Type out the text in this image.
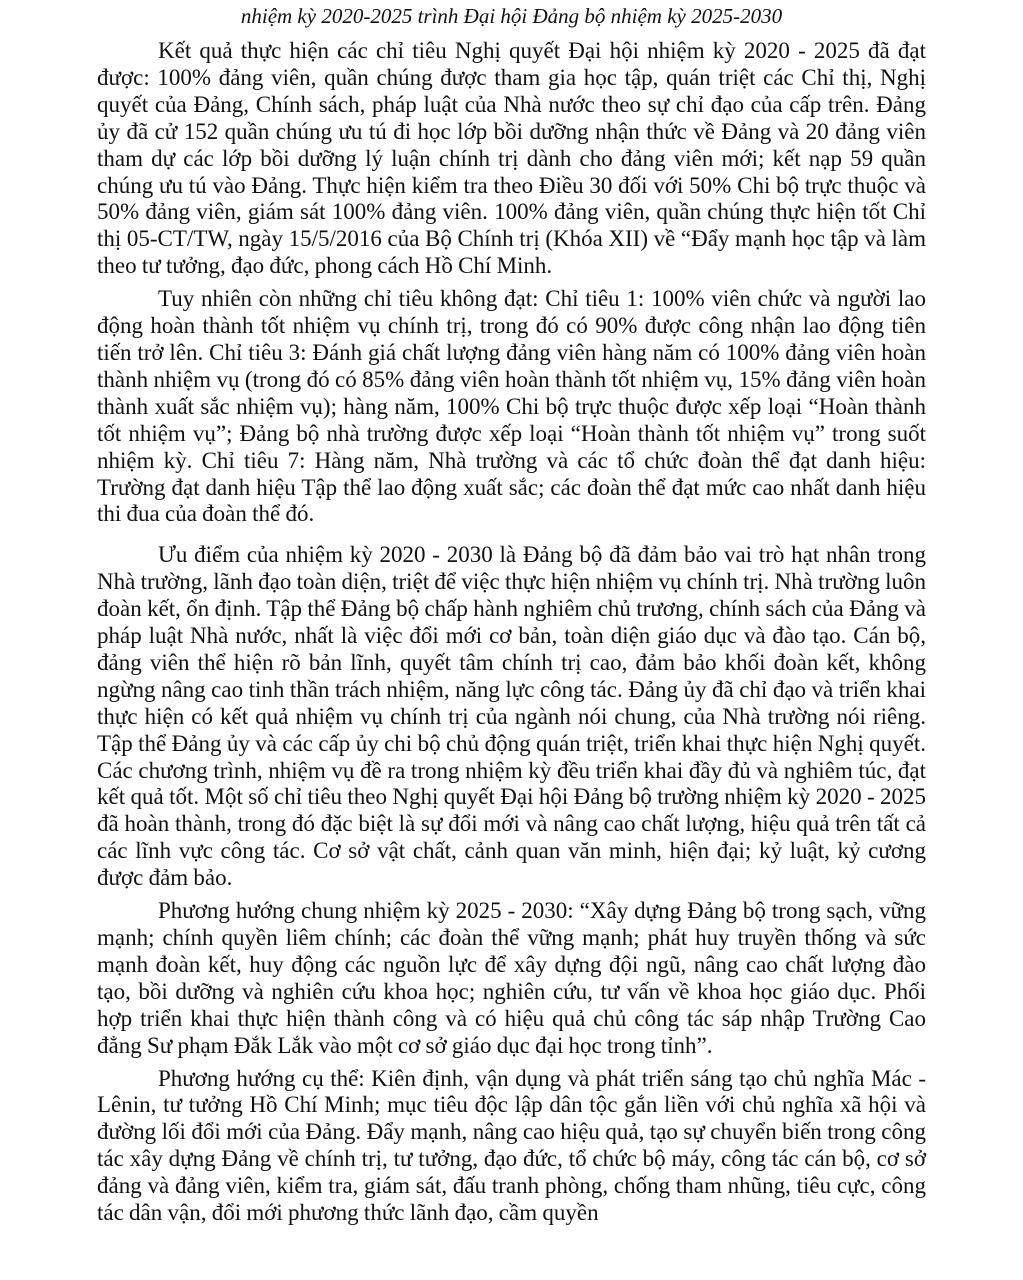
nhiệm kỳ 2020-2025 trình Đại hội Đảng bộ nhiệm kỳ 2025-2030

Kết quả thực hiện các chỉ tiêu Nghị quyết Đại hội nhiệm kỳ 2020 - 2025 đã đạt được: 100% đảng viên, quần chúng được tham gia học tập, quán triệt các Chỉ thị, Nghị quyết của Đảng, Chính sách, pháp luật của Nhà nước theo sự chỉ đạo của cấp trên. Đảng ủy đã cử 152 quần chúng ưu tú đi học lớp bồi dưỡng nhận thức về Đảng và 20 đảng viên tham dự các lớp bồi dưỡng lý luận chính trị dành cho đảng viên mới; kết nạp 59 quần chúng ưu tú vào Đảng. Thực hiện kiểm tra theo Điều 30 đối với 50% Chi bộ trực thuộc và 50% đảng viên, giám sát 100% đảng viên. 100% đảng viên, quần chúng thực hiện tốt Chỉ thị 05-CT/TW, ngày 15/5/2016 của Bộ Chính trị (Khóa XII) về “Đẩy mạnh học tập và làm theo tư tưởng, đạo đức, phong cách Hồ Chí Minh.

Tuy nhiên còn những chỉ tiêu không đạt: Chỉ tiêu 1: 100% viên chức và người lao động hoàn thành tốt nhiệm vụ chính trị, trong đó có 90% được công nhận lao động tiên tiến trở lên. Chỉ tiêu 3: Đánh giá chất lượng đảng viên hàng năm có 100% đảng viên hoàn thành nhiệm vụ (trong đó có 85% đảng viên hoàn thành tốt nhiệm vụ, 15% đảng viên hoàn thành xuất sắc nhiệm vụ); hàng năm, 100% Chi bộ trực thuộc được xếp loại “Hoàn thành tốt nhiệm vụ”; Đảng bộ nhà trường được xếp loại “Hoàn thành tốt nhiệm vụ” trong suốt nhiệm kỳ. Chỉ tiêu 7: Hàng năm, Nhà trường và các tổ chức đoàn thể đạt danh hiệu: Trường đạt danh hiệu Tập thể lao động xuất sắc; các đoàn thể đạt mức cao nhất danh hiệu thi đua của đoàn thể đó.

Ưu điểm của nhiệm kỳ 2020 - 2030 là Đảng bộ đã đảm bảo vai trò hạt nhân trong Nhà trường, lãnh đạo toàn diện, triệt để việc thực hiện nhiệm vụ chính trị. Nhà trường luôn đoàn kết, ổn định. Tập thể Đảng bộ chấp hành nghiêm chủ trương, chính sách của Đảng và pháp luật Nhà nước, nhất là việc đổi mới cơ bản, toàn diện giáo dục và đào tạo. Cán bộ, đảng viên thể hiện rõ bản lĩnh, quyết tâm chính trị cao, đảm bảo khối đoàn kết, không ngừng nâng cao tinh thần trách nhiệm, năng lực công tác. Đảng ủy đã chỉ đạo và triển khai thực hiện có kết quả nhiệm vụ chính trị của ngành nói chung, của Nhà trường nói riêng. Tập thể Đảng ủy và các cấp ủy chi bộ chủ động quán triệt, triển khai thực hiện Nghị quyết. Các chương trình, nhiệm vụ đề ra trong nhiệm kỳ đều triển khai đầy đủ và nghiêm túc, đạt kết quả tốt. Một số chỉ tiêu theo Nghị quyết Đại hội Đảng bộ trường nhiệm kỳ 2020 - 2025 đã hoàn thành, trong đó đặc biệt là sự đổi mới và nâng cao chất lượng, hiệu quả trên tất cả các lĩnh vực công tác. Cơ sở vật chất, cảnh quan văn minh, hiện đại; kỷ luật, kỷ cương được đảm bảo.

Phương hướng chung nhiệm kỳ 2025 - 2030: “Xây dựng Đảng bộ trong sạch, vững mạnh; chính quyền liêm chính; các đoàn thể vững mạnh; phát huy truyền thống và sức mạnh đoàn kết, huy động các nguồn lực để xây dựng đội ngũ, nâng cao chất lượng đào tạo, bồi dưỡng và nghiên cứu khoa học; nghiên cứu, tư vấn về khoa học giáo dục. Phối hợp triển khai thực hiện thành công và có hiệu quả chủ công tác sáp nhập Trường Cao đẳng Sư phạm Đắk Lắk vào một cơ sở giáo dục đại học trong tỉnh”.

Phương hướng cụ thể: Kiên định, vận dụng và phát triển sáng tạo chủ nghĩa Mác - Lênin, tư tưởng Hồ Chí Minh; mục tiêu độc lập dân tộc gắn liền với chủ nghĩa xã hội và đường lối đổi mới của Đảng. Đẩy mạnh, nâng cao hiệu quả, tạo sự chuyển biến trong công tác xây dựng Đảng về chính trị, tư tưởng, đạo đức, tổ chức bộ máy, công tác cán bộ, cơ sở đảng và đảng viên, kiểm tra, giám sát, đấu tranh phòng, chống tham nhũng, tiêu cực, công tác dân vận, đổi mới phương thức lãnh đạo, cầm quyền
